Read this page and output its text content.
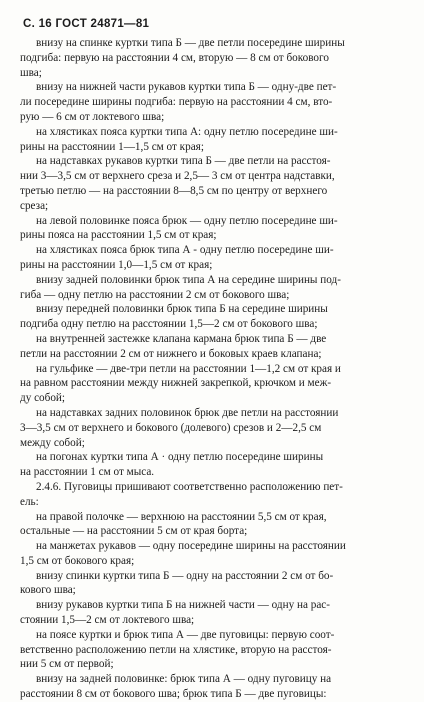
С. 16 ГОСТ 24871—81
внизу на спинке куртки типа Б — две петли посередине ширины
подгиба: первую на расстоянии 4 см, вторую — 8 см от бокового
шва;
внизу на нижней части рукавов куртки типа Б — одну-две пет-
ли посередине ширины подгиба: первую на расстоянии 4 см, вто-
рую — 6 см от локтевого шва;
на хлястиках пояса куртки типа А: одну петлю посередине ши-
рины на расстоянии 1—1,5 см от края;
на надставках рукавов куртки типа Б — две петли на расстоя-
нии 3—3,5 см от верхнего среза и 2,5— 3 см от центра надставки,
третью петлю — на расстоянии 8—8,5 см по центру от верхнего
среза;
на левой половинке пояса брюк — одну петлю посередине ши-
рины пояса на расстоянии 1,5 см от края;
на хлястиках пояса брюк типа А - одну петлю посередине ши-
рины на расстоянии 1,0—1,5 см от края;
внизу задней половинки брюк типа А на середине ширины под-
гиба — одну петлю на расстоянии 2 см от бокового шва;
внизу передней половинки брюк типа Б на середине ширины
подгиба одну петлю на расстоянии 1,5—2 см от бокового шва;
на внутренней застежке клапана кармана брюк типа Б — две
петли на расстоянии 2 см от нижнего и боковых краев клапана;
на гульфике — две-три петли на расстоянии 1—1,2 см от края и
на равном расстоянии между нижней закрепкой, крючком и меж-
ду собой;
на надставках задних половинок брюк две петли на расстоянии
3—3,5 см от верхнего и бокового (долевого) срезов и 2—2,5 см
между собой;
на погонах куртки типа А · одну петлю посередине ширины
на расстоянии 1 см от мыса.
2.4.6. Пуговицы пришивают соответственно расположению пет-
ель:
на правой полочке — верхнюю на расстоянии 5,5 см от края,
остальные — на расстоянии 5 см от края борта;
на манжетах рукавов — одну посередине ширины на расстоянии
1,5 см от бокового края;
внизу спинки куртки типа Б — одну на расстоянии 2 см от бо-
кового шва;
внизу рукавов куртки типа Б на нижней части — одну на рас-
стоянии 1,5—2 см от локтевого шва;
на поясе куртки и брюк типа А — две пуговицы: первую соот-
ветственно расположению петли на хлястике, вторую на расстоя-
нии 5 см от первой;
внизу на задней половинке: брюк типа А — одну пуговицу на
расстоянии 8 см от бокового шва; брюк типа Б — две пуговицы:
